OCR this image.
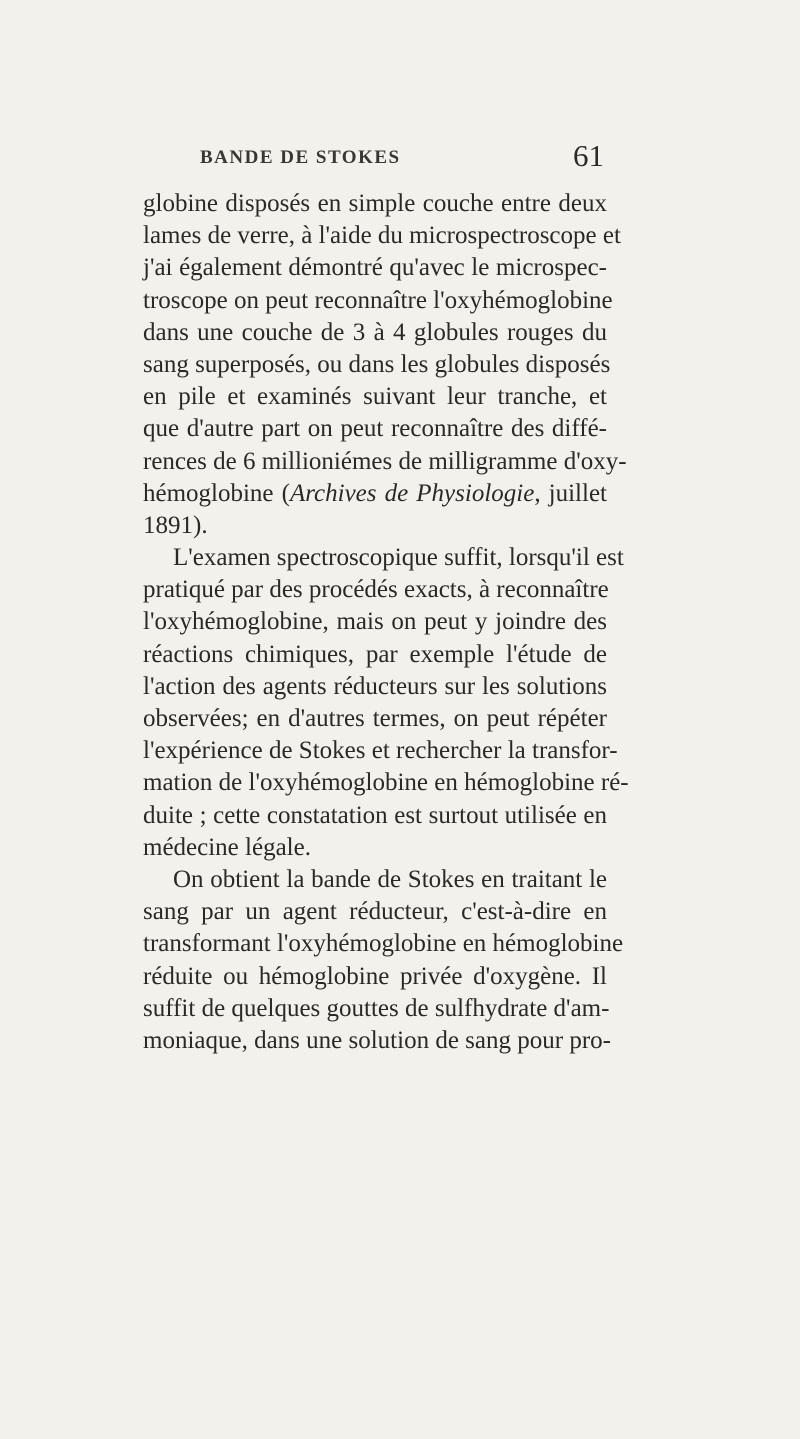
BANDE DE STOKES	61
globine disposés en simple couche entre deux
lames de verre, à l'aide du microspectroscope et
j'ai également démontré qu'avec le microspec-
troscope on peut reconnaître l'oxyhémoglobine
dans une couche de 3 à 4 globules rouges du
sang superposés, ou dans les globules disposés
en pile et examinés suivant leur tranche, et
que d'autre part on peut reconnaître des diffé-
rences de 6 millioniémes de milligramme d'oxy-
hémoglobine (Archives de Physiologie, juillet
1891).
L'examen spectroscopique suffit, lorsqu'il est
pratiqué par des procédés exacts, à reconnaître
l'oxyhémoglobine, mais on peut y joindre des
réactions chimiques, par exemple l'étude de
l'action des agents réducteurs sur les solutions
observées; en d'autres termes, on peut répéter
l'expérience de Stokes et rechercher la transfor-
mation de l'oxyhémoglobine en hémoglobine ré-
duite ; cette constatation est surtout utilisée en
médecine légale.
On obtient la bande de Stokes en traitant le
sang par un agent réducteur, c'est-à-dire en
transformant l'oxyhémoglobine en hémoglobine
réduite ou hémoglobine privée d'oxygène. Il
suffit de quelques gouttes de sulfhydrate d'am-
moniaque, dans une solution de sang pour pro-
